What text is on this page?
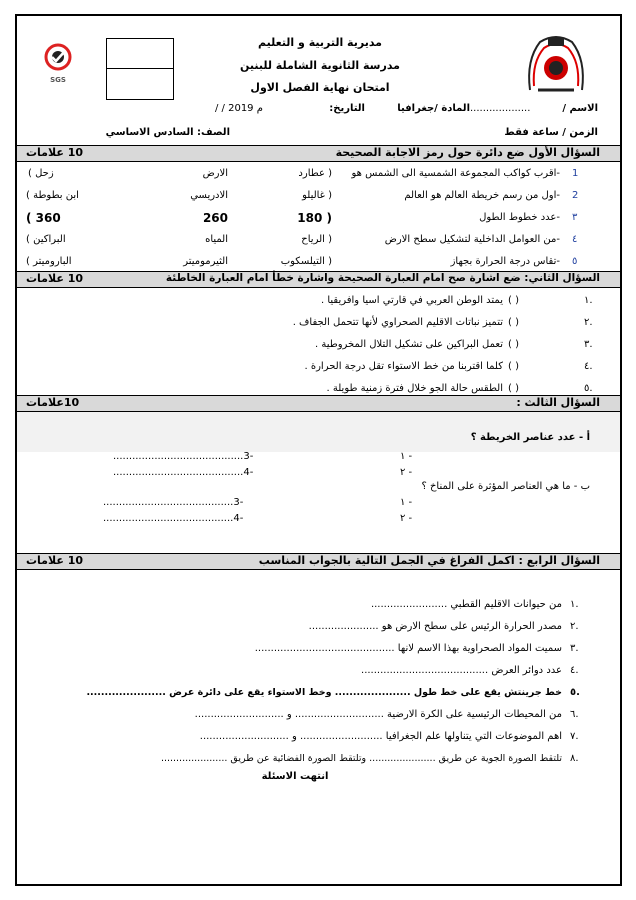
SGS
مديرية التربية و التعليم
مدرسة الثانوية الشاملة للبنين
امتحان نهاية الفصل الاول
الاسم /
...................
المادة /جغرافيا
التاريخ:
/ / 2019 م
الزمن / ساعة فقط
الصف: السادس الاساسي
السؤال الأول ضع دائرة حول رمز الاجابة الصحيحة
10 علامات
1
-اقرب كواكب المجموعة الشمسية الى الشمس هو
( عطارد
الارض
زحل )
2
-اول من رسم خريطة العالم هو العالم
( غاليلو
الادريسي
ابن بطوطة )
٣
-عدد خطوط الطول
( 180
260
360 )
٤
-من العوامل الداخلية لتشكيل سطح الارض
( الرياح
المياه
البراكين )
٥
-تقاس درجة الحرارة بجهاز
( التيلسكوب
الثيرموميتر
الباروميتر )
السؤال الثاني: ضع اشارة صح امام العبارة الصحيحة واشارة خطأ امام العبارة الخاطئة
10 علامات
١.
( )
يمتد الوطن العربي في قارتي اسيا وافريقيا .
٢.
( )
تتميز نباتات الاقليم الصحراوي لأنها تتحمل الجفاف .
٣.
( )
تعمل البراكين على تشكيل التلال المخروطية .
٤.
( )
كلما اقتربنا من خط الاستواء تقل درجة الحرارة .
٥.
( )
الطقس حالة الجو خلال فترة زمنية طويلة .
السؤال الثالث :
10علامات
أ - عدد عناصر الخريطة ؟
١ -
.........................................3-
٢ -
.........................................4-
ب - ما هي العناصر المؤثرة على المناخ ؟
١ -
.........................................3-
٢ -
.........................................4-
السؤال الرابع : اكمل الفراغ في الجمل التالية بالجواب المناسب
10 علامات
١.
من حيوانات الاقليم القطبي ........................
٢.
مصدر الحرارة الرئيس على سطح الارض هو ......................
٣.
سميت المواد الصحراوية بهذا الاسم لانها ............................................
٤.
عدد دوائر العرض ........................................
٥.
خط جرينتش يقع على خط طول ..................... وخط الاستواء يقع على دائرة عرض ......................
٦.
من المحيطات الرئيسية على الكرة الارضية ............................ و ............................
٧.
اهم الموضوعات التي يتناولها علم الجغرافيا .......................... و ............................
٨.
تلتقط الصورة الجوية عن طريق ...................... وتلتقط الصورة الفضائية عن طريق ......................
انتهت الاسئلة
